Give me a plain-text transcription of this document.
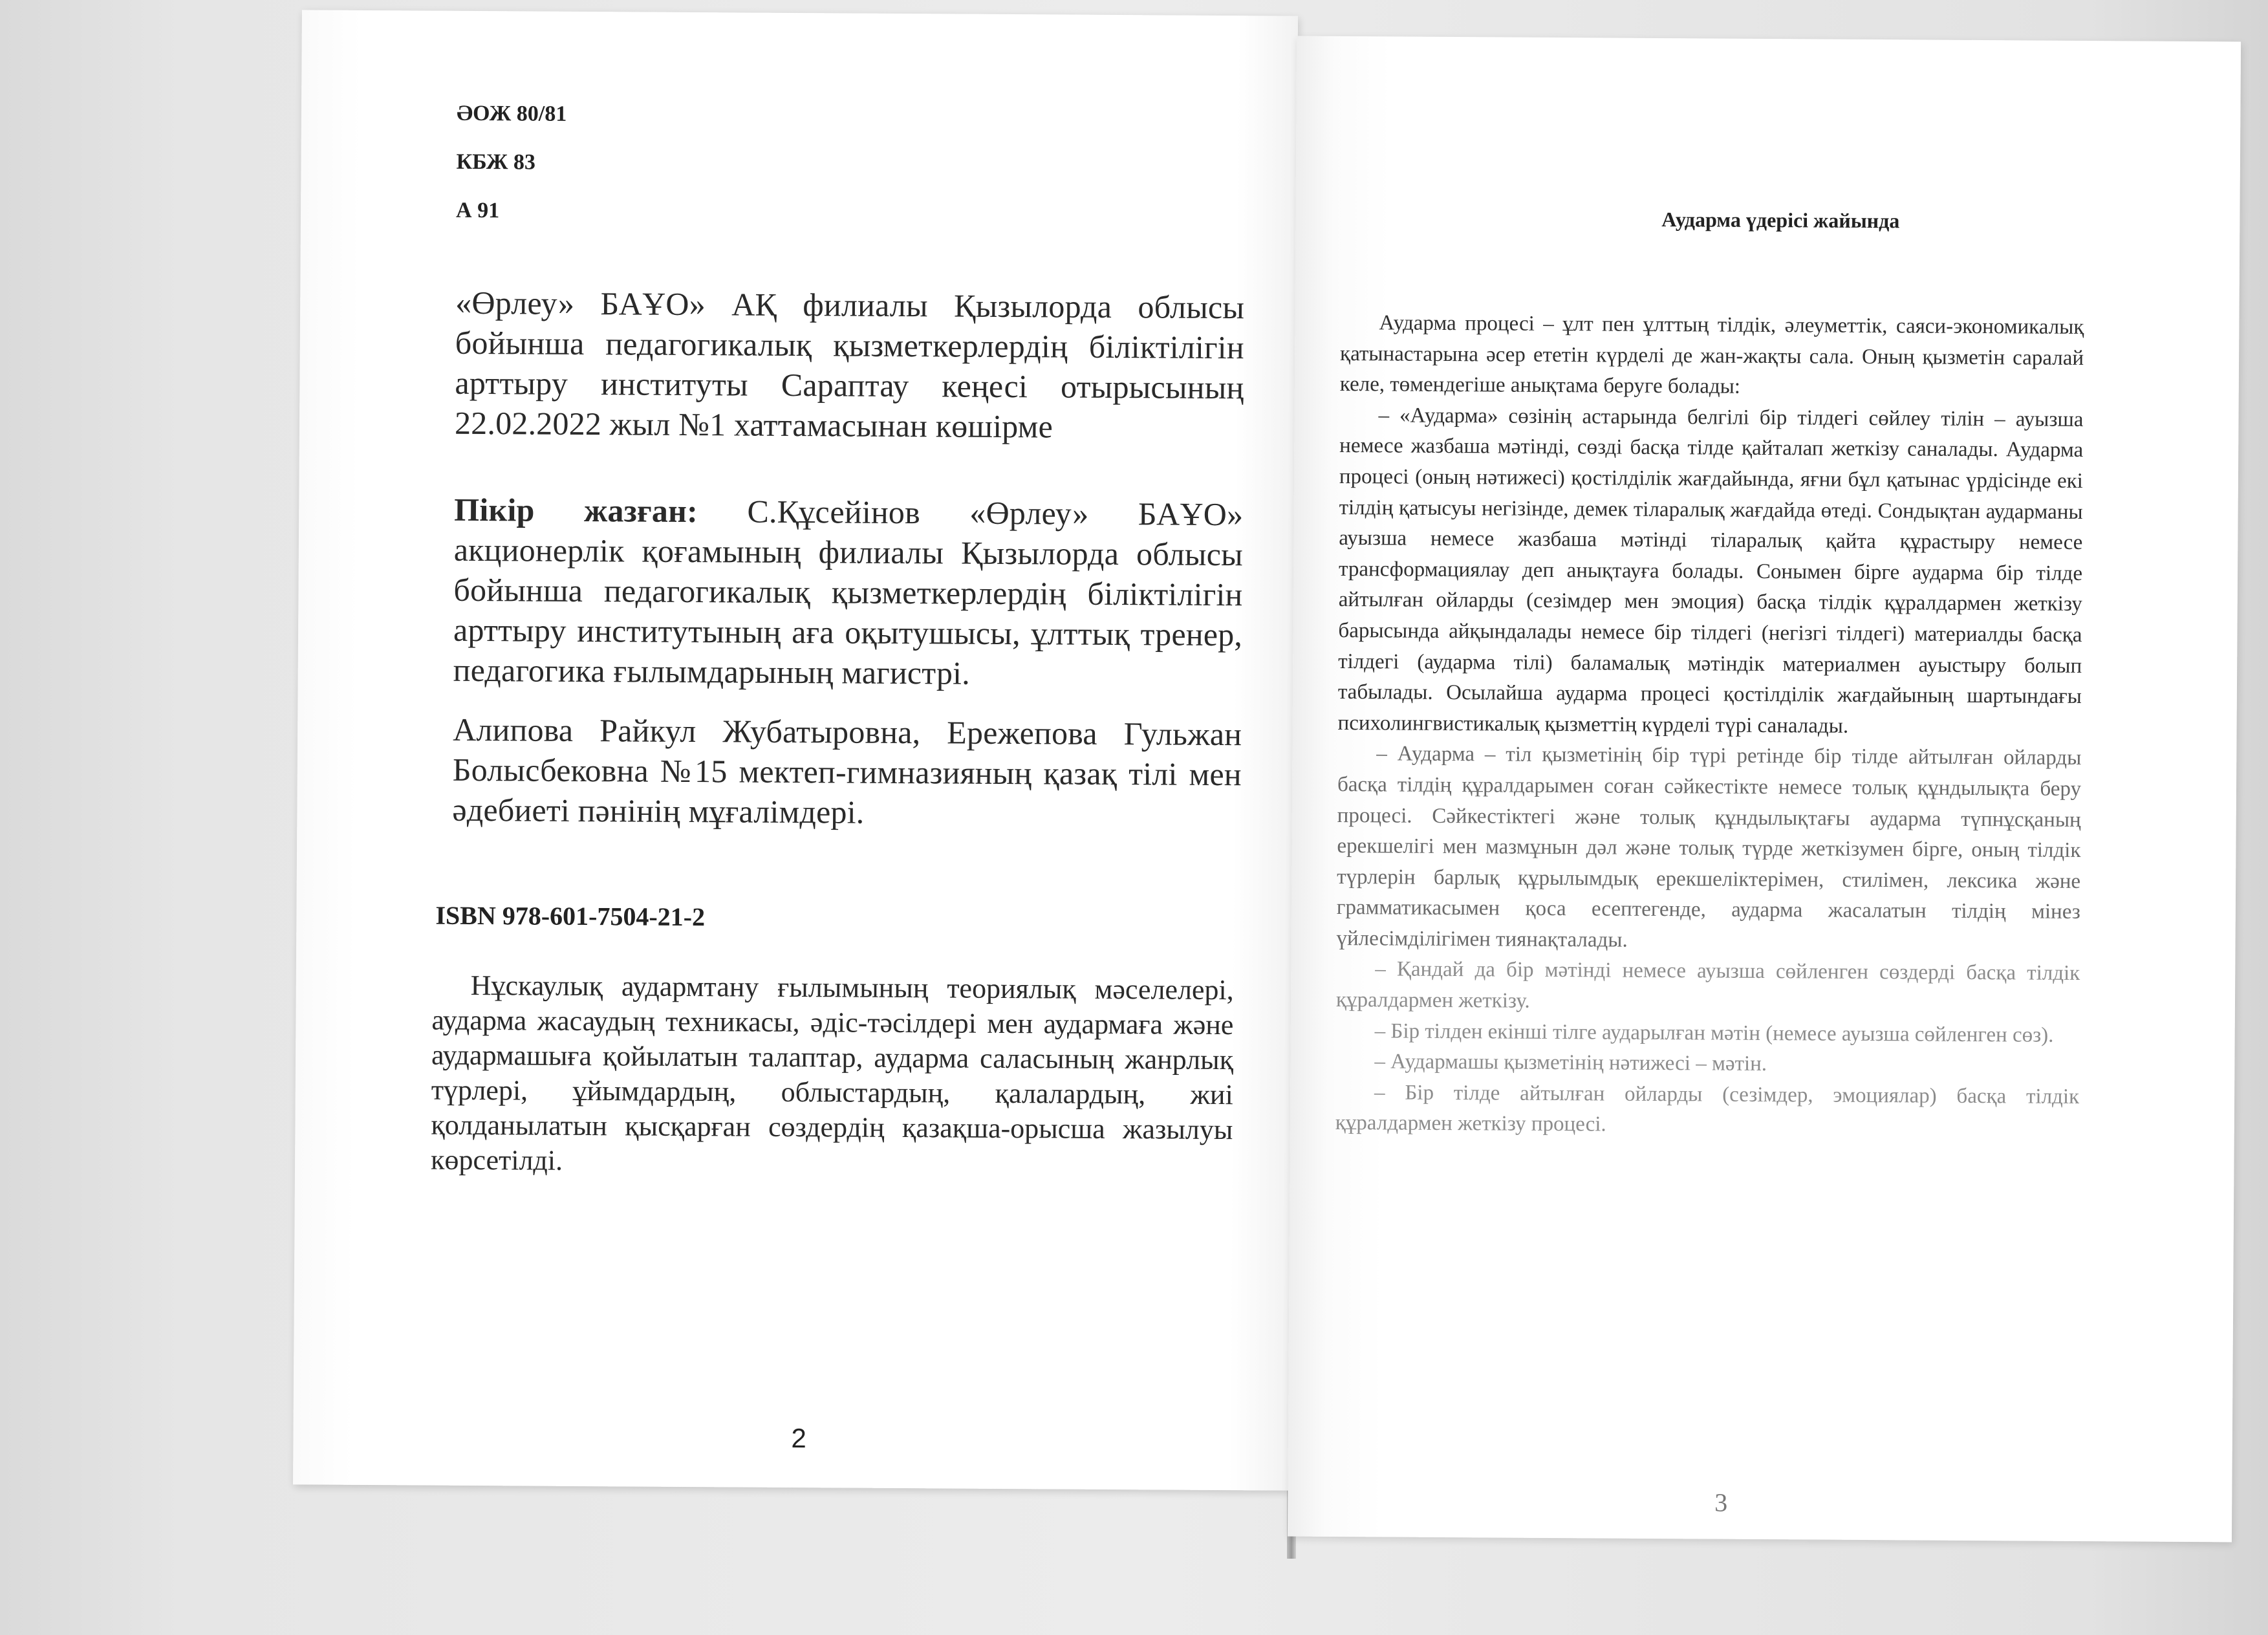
ӘОЖ 80/81
КБЖ 83
А 91

«Өрлеу» БАҰО» АҚ филиалы Қызылорда облысы бойынша педагогикалық қызметкерлердің біліктілігін арттыру институты Сараптау кеңесі отырысының 22.02.2022 жыл №1 хаттамасынан көшірме

Пікір жазған: С.Құсейінов «Өрлеу» БАҰО» акционерлік қоғамының филиалы Қызылорда облысы бойынша педагогикалық қызметкерлердің біліктілігін арттыру институтының аға оқытушысы, ұлттық тренер, педагогика ғылымдарының магистрі.

Алипова Райкул Жубатыровна, Ережепова Гульжан Болысбековна №15 мектеп-гимназияның қазақ тілі мен әдебиеті пәнінің мұғалімдері.

ISBN 978-601-7504-21-2

Нұскаулық аудармтану ғылымының теориялық мәселелері, аударма жасаудың техникасы, әдіс-тәсілдері мен аудармаға және аудармашыға қойылатын талаптар, аударма саласының жанрлық түрлері, ұйымдардың, облыстардың, қалалардың, жиі қолданылатын қысқарған сөздердің қазақша-орысша жазылуы көрсетілді.

2
Аударма үдерісі жайында

Аударма процесі – ұлт пен ұлттың тілдік, әлеуметтік, саяси-экономикалық қатынастарына әсер ететін күрделі де жан-жақты сала. Оның қызметін саралай келе, төмендегіше анықтама беруге болады:

– «Аударма» сөзінің астарында белгілі бір тілдегі сөйлеу тілін – ауызша немесе жазбаша мәтінді, сөзді басқа тілде қайталап жеткізу саналады. Аударма процесі (оның нәтижесі) қостілділік жағдайында, яғни бұл қатынас үрдісінде екі тілдің қатысуы негізінде, демек тіларалық жағдайда өтеді. Сондықтан аударманы ауызша немесе жазбаша мәтінді тіларалық қайта құрастыру немесе трансформациялау деп анықтауға болады. Сонымен бірге аударма бір тілде айтылған ойларды (сезімдер мен эмоция) басқа тілдік құралдармен жеткізу барысында айқындалады немесе бір тілдегі (негізгі тілдегі) материалды басқа тілдегі (аударма тілі) баламалық мәтіндік материалмен ауыстыру болып табылады. Осылайша аударма процесі қостілділік жағдайының шартындағы психолингвистикалық қызметтің күрделі түрі саналады.

– Аударма – тіл қызметінің бір түрі ретінде бір тілде айтылған ойларды басқа тілдің құралдарымен соған сәйкестікте немесе толық құндылықта беру процесі. Сәйкестіктегі және толық құндылықтағы аударма түпнұсқаның ерекшелігі мен мазмұнын дәл және толық түрде жеткізумен бірге, оның тілдік түрлерін барлық құрылымдық ерекшеліктерімен, стилімен, лексика және грамматикасымен қоса есептегенде, аударма жасалатын тілдің мінез үйлесімділігімен тиянақталады.

– Қандай да бір мәтінді немесе ауызша сөйленген сөздерді басқа тілдік құралдармен жеткізу.

– Бір тілден екінші тілге аударылған мәтін (немесе ауызша сөйленген сөз).

– Аудармашы қызметінің нәтижесі – мәтін.

– Бір тілде айтылған ойларды (сезімдер, эмоциялар) басқа тілдік құралдармен жеткізу процесі.

3
